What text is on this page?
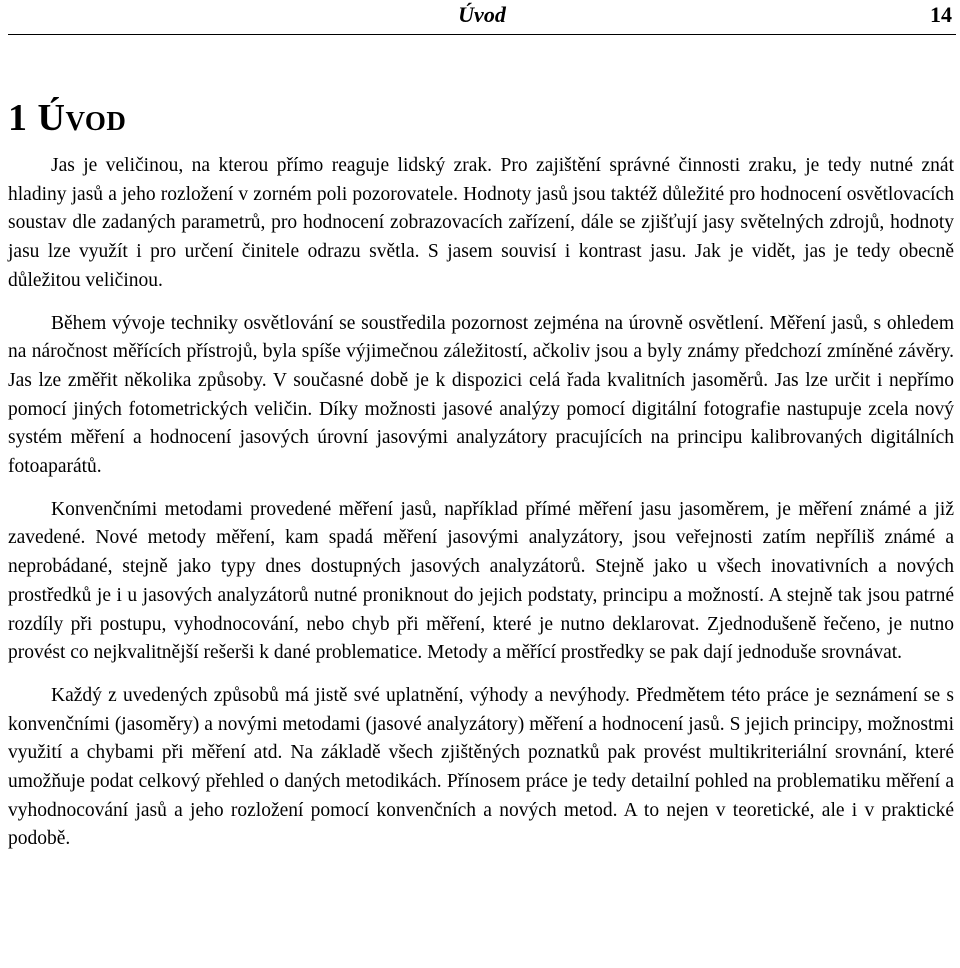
Úvod	14
1 Úvod

Jas je veličinou, na kterou přímo reaguje lidský zrak. Pro zajištění správné činnosti zraku, je tedy nutné znát hladiny jasů a jeho rozložení v zorném poli pozorovatele. Hodnoty jasů jsou taktéž důležité pro hodnocení osvětlovacích soustav dle zadaných parametrů, pro hodnocení zobrazovacích zařízení, dále se zjišťují jasy světelných zdrojů, hodnoty jasu lze využít i pro určení činitele odrazu světla. S jasem souvisí i kontrast jasu. Jak je vidět, jas je tedy obecně důležitou veličinou.

Během vývoje techniky osvětlování se soustředila pozornost zejména na úrovně osvětlení. Měření jasů, s ohledem na náročnost měřících přístrojů, byla spíše výjimečnou záležitostí, ačkoliv jsou a byly známy předchozí zmíněné závěry. Jas lze změřit několika způsoby. V současné době je k dispozici celá řada kvalitních jasoměrů. Jas lze určit i nepřímo pomocí jiných fotometrických veličin. Díky možnosti jasové analýzy pomocí digitální fotografie nastupuje zcela nový systém měření a hodnocení jasových úrovní jasovými analyzátory pracujících na principu kalibrovaných digitálních fotoaparátů.

Konvenčními metodami provedené měření jasů, například přímé měření jasu jasoměrem, je měření známé a již zavedené. Nové metody měření, kam spadá měření jasovými analyzátory, jsou veřejnosti zatím nepříliš známé a neprobádané, stejně jako typy dnes dostupných jasových analyzátorů. Stejně jako u všech inovativních a nových prostředků je i u jasových analyzátorů nutné proniknout do jejich podstaty, principu a možností. A stejně tak jsou patrné rozdíly při postupu, vyhodnocování, nebo chyb při měření, které je nutno deklarovat. Zjednodušeně řečeno, je nutno provést co nejkvalitnější rešerši k dané problematice. Metody a měřící prostředky se pak dají jednoduše srovnávat.

Každý z uvedených způsobů má jistě své uplatnění, výhody a nevýhody. Předmětem této práce je seznámení se s konvenčními (jasoměry) a novými metodami (jasové analyzátory) měření a hodnocení jasů. S jejich principy, možnostmi využití a chybami při měření atd. Na základě všech zjištěných poznatků pak provést multikriteriální srovnání, které umožňuje podat celkový přehled o daných metodikách. Přínosem práce je tedy detailní pohled na problematiku měření a vyhodnocování jasů a jeho rozložení pomocí konvenčních a nových metod. A to nejen v teoretické, ale i v praktické podobě.
